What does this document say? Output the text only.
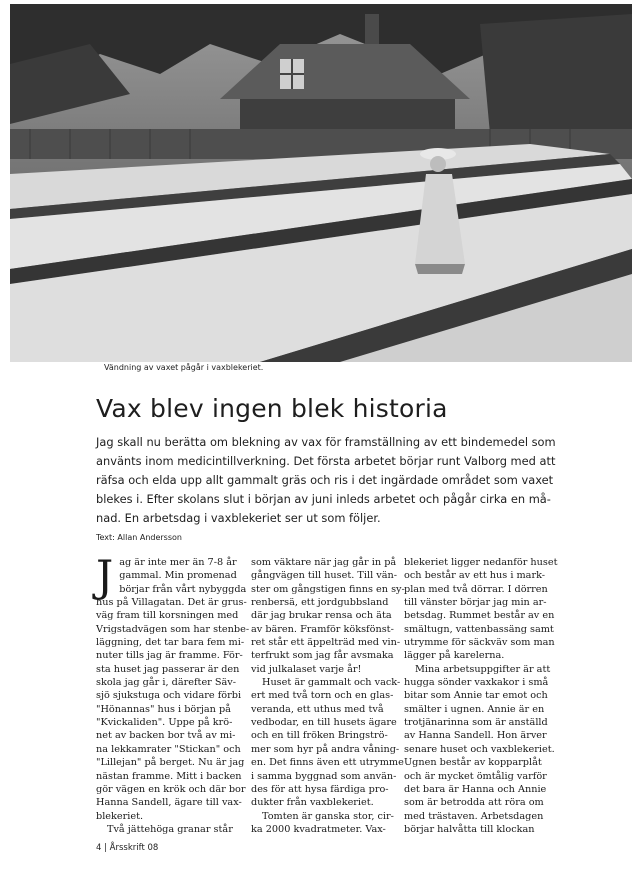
Vändning av vaxet pågår i vaxblekeriet.
Vax blev ingen blek historia
Jag skall nu berätta om blekning av vax för framställning av ett bindemedel som
använts inom medicintillverkning. Det första arbetet börjar runt Valborg med att
räfsa och elda upp allt gammalt gräs och ris i det ingärdade området som vaxet
blekes i. Efter skolans slut i början av juni inleds arbetet och pågår cirka en må-
nad. En arbetsdag i vaxblekeriet ser ut som följer.
Text: Allan Andersson
J ag är inte mer än 7-8 år
gammal. Min promenad
börjar från vårt nybyggda
hus på Villagatan. Det är grus-
väg fram till korsningen med
Vrigstadvägen som har stenbe-
läggning, det tar bara fem mi-
nuter tills jag är framme. För-
sta huset jag passerar är den
skola jag går i, därefter Säv-
sjö sjukstuga och vidare förbi
"Hönannas" hus i början på
"Kvickaliden". Uppe på krö-
net av backen bor två av mi-
na lekkamrater "Stickan" och
"Lillejan" på berget. Nu är jag
nästan framme. Mitt i backen
gör vägen en krök och där bor
Hanna Sandell, ägare till vax-
blekeriet.
Två jättehöga granar står
som väktare när jag går in på
gångvägen till huset. Till vän-
ster om gångstigen finns en sy-
renbersä, ett jordgubbsland
där jag brukar rensa och äta
av bären. Framför köksfönst-
ret står ett äppelträd med vin-
terfrukt som jag får avsmaka
vid julkalaset varje år!
Huset är gammalt och vack-
ert med två torn och en glas-
veranda, ett uthus med två
vedbodar, en till husets ägare
och en till fröken Bringströ-
mer som hyr på andra våning-
en. Det finns även ett utrymme
i samma byggnad som använ-
des för att hysa färdiga pro-
dukter från vaxblekeriet.
Tomten är ganska stor, cir-
ka 2000 kvadratmeter. Vax-
blekeriet ligger nedanför huset
och består av ett hus i mark-
plan med två dörrar. I dörren
till vänster börjar jag min ar-
betsdag. Rummet består av en
smältugn, vattenbassäng samt
utrymme för säckväv som man
lägger på karelerna.
Mina arbetsuppgifter är att
hugga sönder vaxkakor i små
bitar som Annie tar emot och
smälter i ugnen. Annie är en
trotjänarinna som är anställd
av Hanna Sandell. Hon ärver
senare huset och vaxblekeriet.
Ugnen består av kopparplåt
och är mycket ömtålig varför
det bara är Hanna och Annie
som är betrodda att röra om
med trästaven. Arbetsdagen
börjar halvåtta till klockan
4 | Årsskrift 08
